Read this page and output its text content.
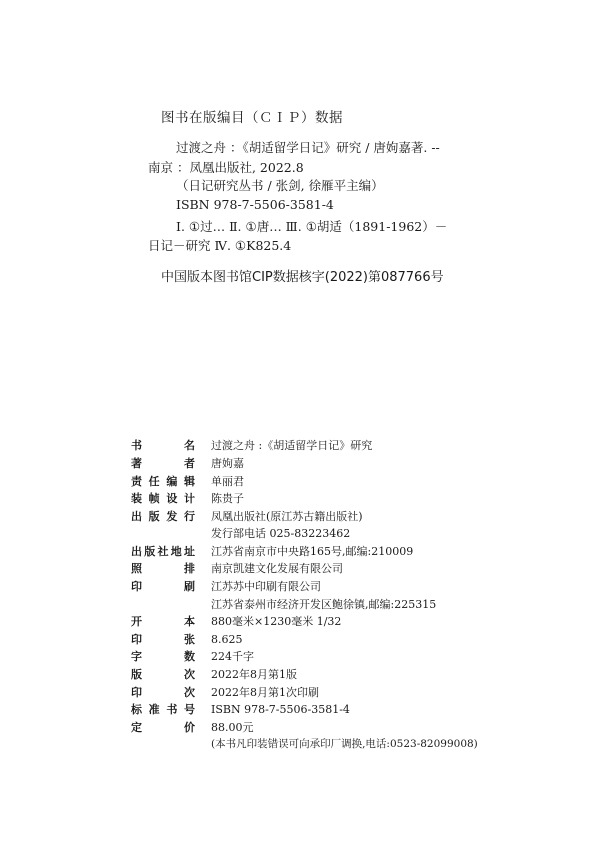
图书在版编目（ＣＩＰ）数据
过渡之舟 ：《胡适留学日记》研究 / 唐姁嘉著. --
南京 ：凤凰出版社, 2022.8
（日记研究丛书 / 张剑, 徐雁平主编）
ISBN 978-7-5506-3581-4
Ⅰ. ①过… Ⅱ. ①唐… Ⅲ. ①胡适（1891-1962）－
日记－研究 Ⅳ. ①K825.4
中国版本图书馆CIP数据核字(2022)第087766号
书	名 过渡之舟 :《胡适留学日记》研究
著	者 唐姁嘉
责 任 编 辑 单丽君
装 帧 设 计 陈贵子
出 版 发 行 凤凰出版社(原江苏古籍出版社)
发行部电话 025-83223462
出 版 社 地 址 江苏省南京市中央路165号,邮编:210009
照	排 南京凯建文化发展有限公司
印	刷 江苏苏中印刷有限公司
江苏省泰州市经济开发区鲍徐镇,邮编:225315
开	本 880毫米×1230毫米 1/32
印	张 8.625
字	数 224千字
版	次 2022年8月第1版
印	次 2022年8月第1次印刷
标 准 书 号 ISBN 978-7-5506-3581-4
定	价 88.00元
(本书凡印装错误可向承印厂调换,电话:0523-82099008)
